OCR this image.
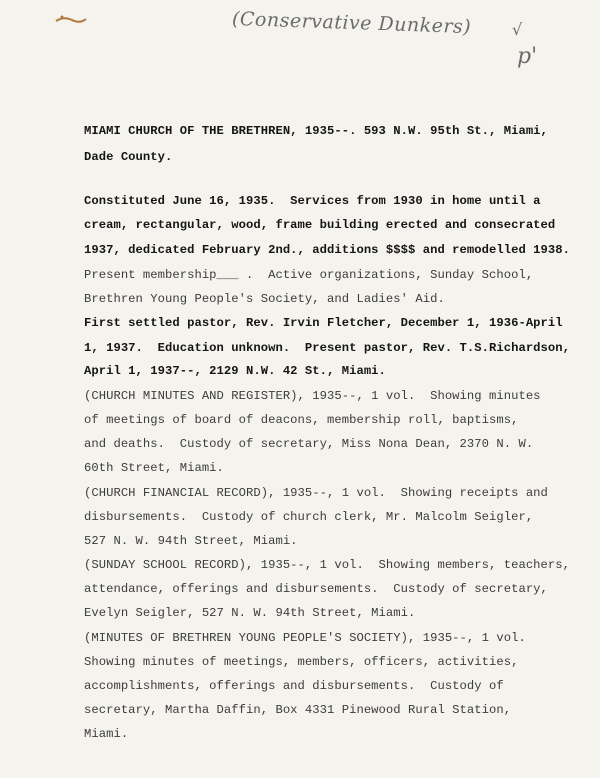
(Conservative Dunkers)	√
p'
MIAMI CHURCH OF THE BRETHREN, 1935--. 593 N.W. 95th St., Miami,
Dade County.
Constituted June 16, 1935.  Services from 1930 in home until a
cream, rectangular, wood, frame building erected and consecrated
1937, dedicated February 2nd., additions $$$$ and remodelled 1938.
Present membership___ .  Active organizations, Sunday School,
Brethren Young People's Society, and Ladies' Aid.
First settled pastor, Rev. Irvin Fletcher, December 1, 1936-April
1, 1937.  Education unknown.  Present pastor, Rev. T.S.Richardson,
April 1, 1937--, 2129 N.W. 42 St., Miami.
(CHURCH MINUTES AND REGISTER), 1935--, 1 vol.  Showing minutes
of meetings of board of deacons, membership roll, baptisms,
and deaths.  Custody of secretary, Miss Nona Dean, 2370 N. W.
60th Street, Miami.
(CHURCH FINANCIAL RECORD), 1935--, 1 vol.  Showing receipts and
disbursements.  Custody of church clerk, Mr. Malcolm Seigler,
527 N. W. 94th Street, Miami.
(SUNDAY SCHOOL RECORD), 1935--, 1 vol.  Showing members, teachers,
attendance, offerings and disbursements.  Custody of secretary,
Evelyn Seigler, 527 N. W. 94th Street, Miami.
(MINUTES OF BRETHREN YOUNG PEOPLE'S SOCIETY), 1935--, 1 vol.
Showing minutes of meetings, members, officers, activities,
accomplishments, offerings and disbursements.  Custody of
secretary, Martha Daffin, Box 4331 Pinewood Rural Station,
Miami.
